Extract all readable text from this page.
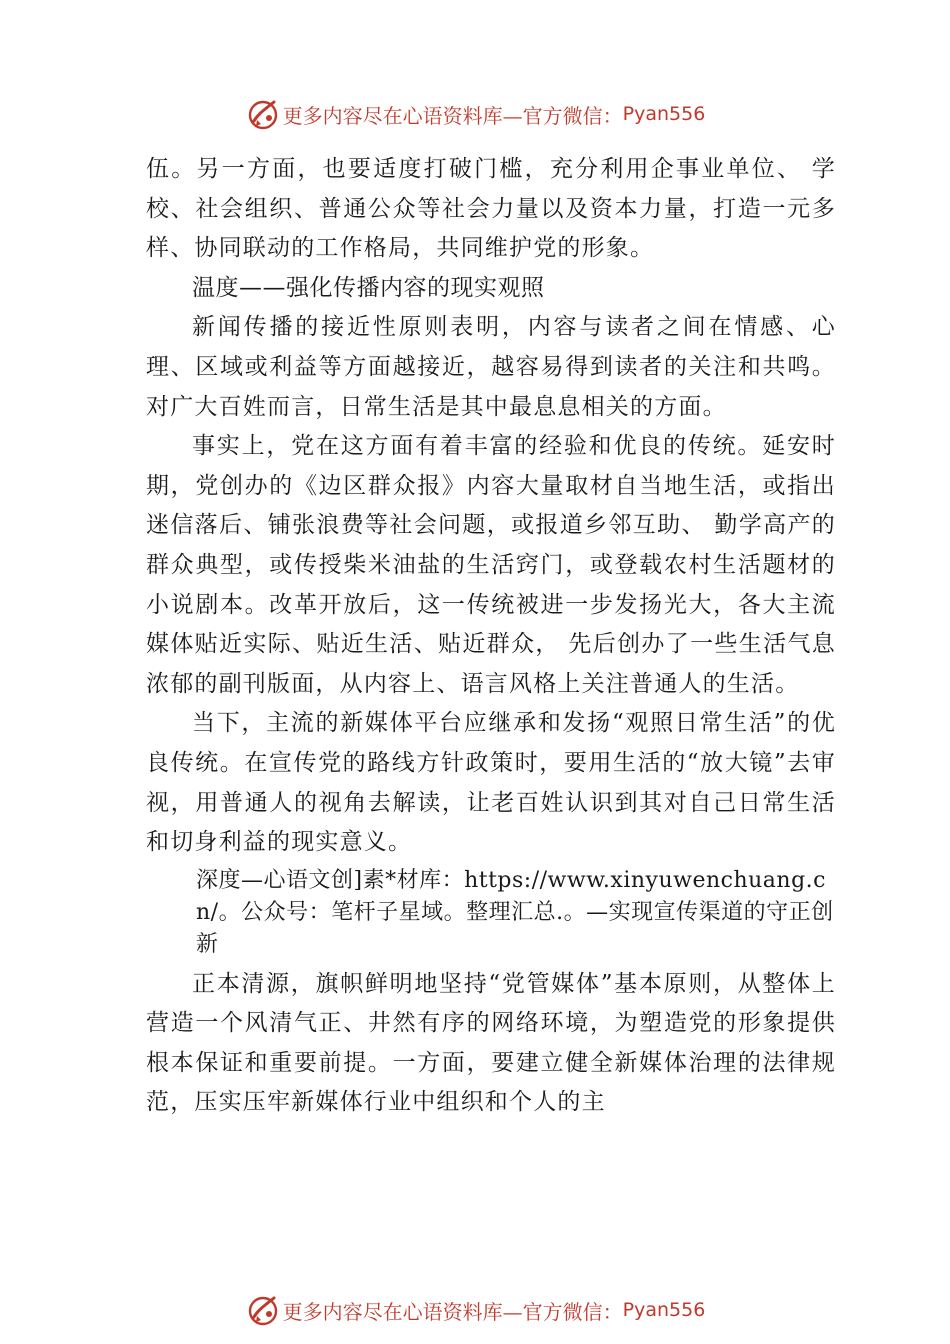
更多内容尽在心语资料库—官方微信： Pyan556

伍。另一方面，也要适度打破门槛，充分利用企事业单位、 学校、社会组织、普通公众等社会力量以及资本力量，打造一元多样、协同联动的工作格局，共同维护党的形象。

温度——强化传播内容的现实观照

新闻传播的接近性原则表明，内容与读者之间在情感、心理、区域或利益等方面越接近，越容易得到读者的关注和共鸣。对广大百姓而言，日常生活是其中最息息相关的方面。

事实上，党在这方面有着丰富的经验和优良的传统。延安时期，党创办的《边区群众报》内容大量取材自当地生活，或指出迷信落后、铺张浪费等社会问题，或报道乡邻互助、 勤学高产的群众典型，或传授柴米油盐的生活窍门，或登载农村生活题材的小说剧本。改革开放后，这一传统被进一步发扬光大，各大主流媒体贴近实际、贴近生活、贴近群众， 先后创办了一些生活气息浓郁的副刊版面，从内容上、语言风格上关注普通人的生活。

当下，主流的新媒体平台应继承和发扬“观照日常生活”的优良传统。在宣传党的路线方针政策时，要用生活的“放大镜”去审视，用普通人的视角去解读，让老百姓认识到其对自己日常生活和切身利益的现实意义。

深度—心语文创]素*材库：https://www.xinyuwenchuang.cn/。公众号：笔杆子星域。整理汇总.。—实现宣传渠道的守正创新

正本清源，旗帜鲜明地坚持“党管媒体”基本原则，从整体上营造一个风清气正、井然有序的网络环境，为塑造党的形象提供根本保证和重要前提。一方面，要建立健全新媒体治理的法律规范，压实压牢新媒体行业中组织和个人的主

更多内容尽在心语资料库—官方微信： Pyan556
